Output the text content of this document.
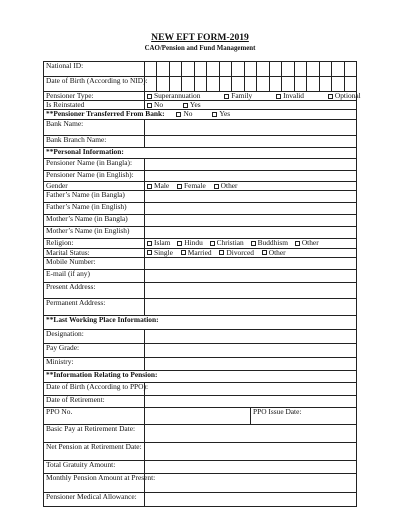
NEW EFT FORM-2019
CAO/Pension and Fund Management
National ID:		

Date of Birth (According to NID):		

Pensioner Type:	Superannuation Family Invalid Optional	
Is Reinstated	No Yes	
**Pensioner Transferred From Bank: No Yes		
Bank Name:		
Bank Branch Name:		
**Personal Information:		
Pensioner Name (in Bangla):		
Pensioner Name (in English):		
Gender	Male Female Other	
Father’s Name (in Bangla)		
Father’s Name (in English)		
Mother’s Name (in Bangla)		
Mother’s Name (in English)		
Religion:	Islam Hindu Christian Buddhism Other	
Marital Status:	Single Married Divorced Other	
Mobile Number:		
E-mail (if any)		
Present Address:		
Permanent Address:		
**Last Working Place Information:		
Designation:		
Pay Grade:		
Ministry:		
**Information Relating to Pension:		
Date of Birth (According to PPO):		
Date of Retirement:		
PPO No.		PPO Issue Date:
Basic Pay at Retirement Date:		
Net Pension at Retirement Date:		
Total Gratuity Amount:		
Monthly Pension Amount at Present:		
Pensioner Medical Allowance:		
